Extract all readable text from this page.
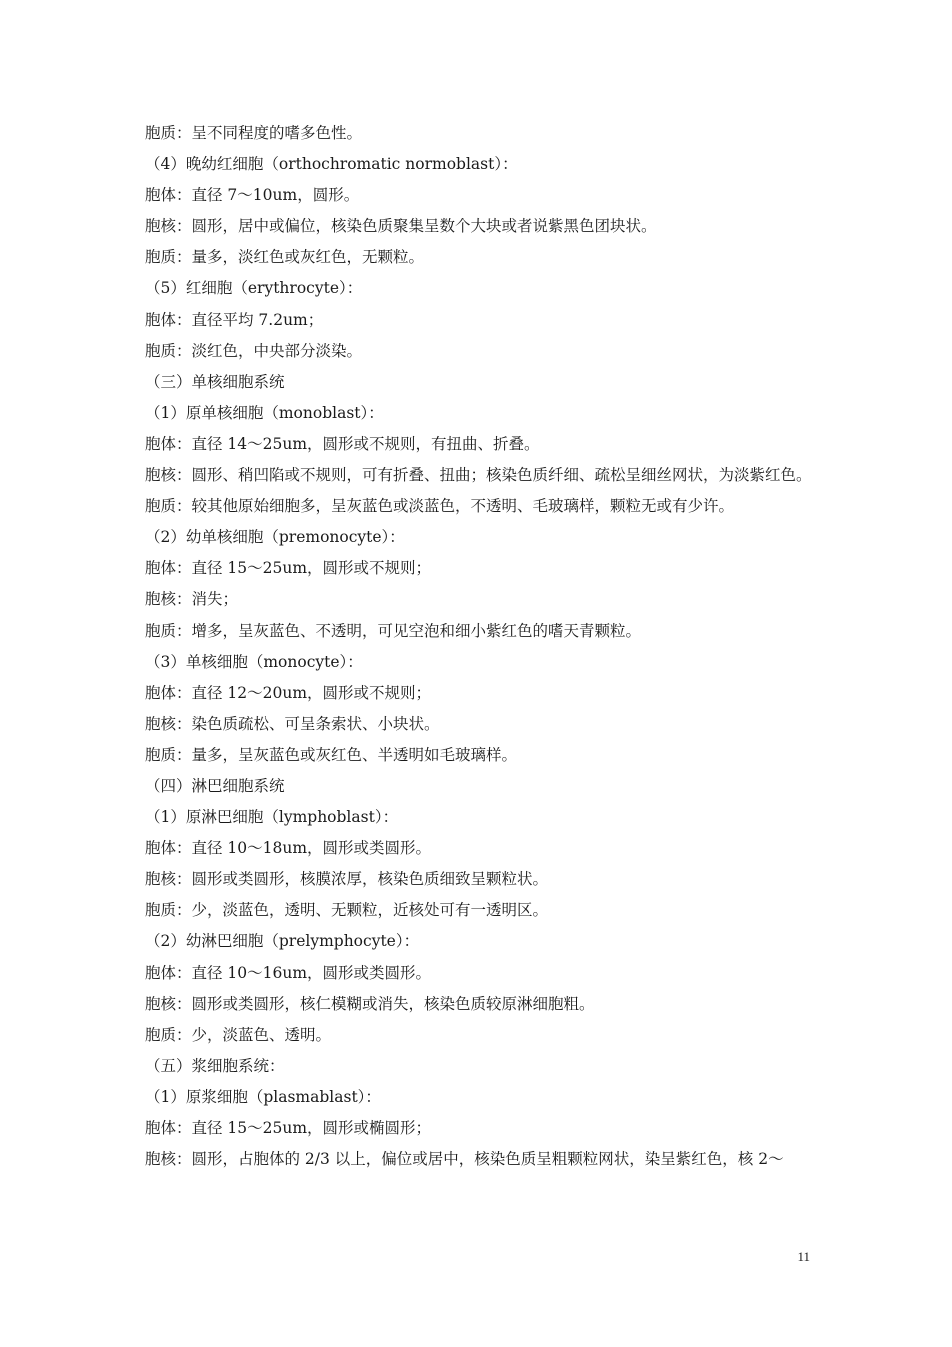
胞质：呈不同程度的嗜多色性。
（4）晚幼红细胞（orthochromatic normoblast）：
胞体：直径 7～10um，圆形。
胞核：圆形，居中或偏位，核染色质聚集呈数个大块或者说紫黑色团块状。
胞质：量多，淡红色或灰红色，无颗粒。
（5）红细胞（erythrocyte）：
胞体：直径平均 7.2um；
胞质：淡红色，中央部分淡染。
（三）单核细胞系统
（1）原单核细胞（monoblast）：
胞体：直径 14～25um，圆形或不规则，有扭曲、折叠。
胞核：圆形、稍凹陷或不规则，可有折叠、扭曲；核染色质纤细、疏松呈细丝网状，为淡紫红色。
胞质：较其他原始细胞多，呈灰蓝色或淡蓝色，不透明、毛玻璃样，颗粒无或有少许。
（2）幼单核细胞（premonocyte）：
胞体：直径 15～25um，圆形或不规则；
胞核：消失；
胞质：增多，呈灰蓝色、不透明，可见空泡和细小紫红色的嗜天青颗粒。
（3）单核细胞（monocyte）：
胞体：直径 12～20um，圆形或不规则；
胞核：染色质疏松、可呈条索状、小块状。
胞质：量多，呈灰蓝色或灰红色、半透明如毛玻璃样。
（四）淋巴细胞系统
（1）原淋巴细胞（lymphoblast）：
胞体：直径 10～18um，圆形或类圆形。
胞核：圆形或类圆形，核膜浓厚，核染色质细致呈颗粒状。
胞质：少，淡蓝色，透明、无颗粒，近核处可有一透明区。
（2）幼淋巴细胞（prelymphocyte）：
胞体：直径 10～16um，圆形或类圆形。
胞核：圆形或类圆形，核仁模糊或消失，核染色质较原淋细胞粗。
胞质：少，淡蓝色、透明。
（五）浆细胞系统：
（1）原浆细胞（plasmablast）：
胞体：直径 15～25um，圆形或椭圆形；
胞核：圆形，占胞体的 2/3 以上，偏位或居中，核染色质呈粗颗粒网状，染呈紫红色，核 2～
11
